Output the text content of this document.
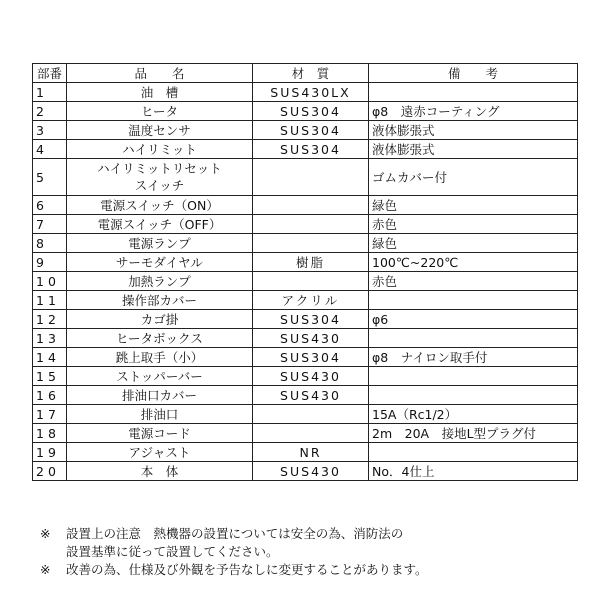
部番	品　　名	材　質	備　　考
1	油　槽	SUS430LX	
2	ヒータ	SUS304	φ8　遠赤コーティング
3	温度センサ	SUS304	液体膨張式
4	ハイリミット	SUS304	液体膨張式
5	ハイリミットリセット
スイッチ		ゴムカバー付
6	電源スイッチ（ON）		緑色
7	電源スイッチ（OFF）		赤色
8	電源ランプ		緑色
9	サーモダイヤル	樹脂	100℃~220℃
10	加熱ランプ		赤色
11	操作部カバー	アクリル	
12	カゴ掛	SUS304	φ6
13	ヒータボックス	SUS430	
14	跳上取手（小）	SUS304	φ8　ナイロン取手付
15	ストッパーバー	SUS430	
16	排油口カバー	SUS430	
17	排油口		15A（Rc1/2）
18	電源コード		2m　20A　接地L型プラグ付
19	アジャスト	NR	
20	本　体	SUS430	No．4仕上
※ 設置上の注意　熱機器の設置については安全の為、消防法の
設置基準に従って設置してください。
※ 改善の為、仕様及び外観を予告なしに変更することがあります。
